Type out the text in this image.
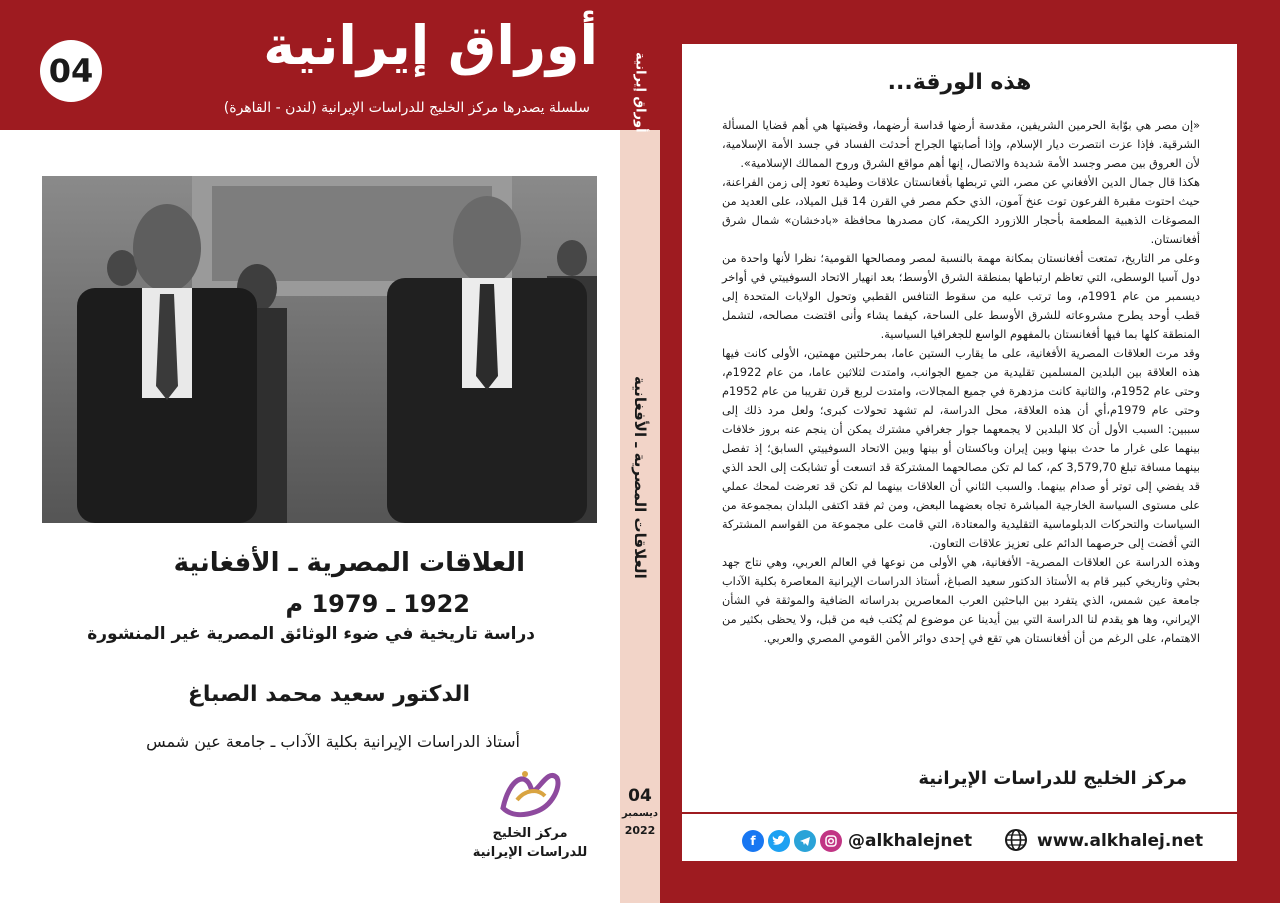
04	أوراق إيرانية
سلسلة يصدرها مركز الخليج للدراسات الإيرانية (لندن - القاهرة)
العلاقات المصرية ـ الأفغانية
1922 ـ 1979 م
دراسة تاريخية في ضوء الوثائق المصرية غير المنشورة
الدكتور سعيد محمد الصباغ
أستاذ الدراسات الإيرانية بكلية الآداب ـ جامعة عين شمس
مركز الخليج
للدراسات الإيرانية
أوراق إيرانية
العلاقات المصرية ـ الأفغانية
04
ديسمبر
2022
هذه الورقة...

«إن مصر هي بوّابة الحرمين الشريفين، مقدسة أرضها قداسة أرضهما، وقضيتها هي أهم قضايا المسألة الشرقية. فإذا عزت انتصرت ديار الإسلام، وإذا أصابتها الجراح أحدثت الفساد في جسد الأمة الإسلامية، لأن العروق بين مصر وجسد الأمة شديدة والاتصال، إنها أهم مواقع الشرق وروح الممالك الإسلامية».

هكذا قال جمال الدين الأفغاني عن مصر، التي تربطها بأفغانستان علاقات وطيدة تعود إلى زمن الفراعنة، حيث احتوت مقبرة الفرعون توت عنخ آمون، الذي حكم مصر في القرن 14 قبل الميلاد، على العديد من المصوغات الذهبية المطعمة بأحجار اللازورد الكريمة، كان مصدرها محافظة «بادخشان» شمال شرق أفغانستان.

وعلى مر التاريخ، تمتعت أفغانستان بمكانة مهمة بالنسبة لمصر ومصالحها القومية؛ نظرا لأنها واحدة من دول آسيا الوسطى، التي تعاظم ارتباطها بمنطقة الشرق الأوسط؛ بعد انهيار الاتحاد السوفييتي في أواخر ديسمبر من عام 1991م، وما ترتب عليه من سقوط التنافس القطبي وتحول الولايات المتحدة إلى قطب أوحد يطرح مشروعاته للشرق الأوسط على الساحة، كيفما يشاء وأنى اقتضت مصالحه، لتشمل المنطقة كلها بما فيها أفغانستان بالمفهوم الواسع للجغرافيا السياسية.

وقد مرت العلاقات المصرية الأفغانية، على ما يقارب الستين عاما، بمرحلتين مهمتين، الأولى كانت فيها هذه العلاقة بين البلدين المسلمين تقليدية من جميع الجوانب، وامتدت لثلاثين عاما، من عام 1922م، وحتى عام 1952م، والثانية كانت مزدهرة في جميع المجالات، وامتدت لربع قرن تقريبا من عام 1952م وحتى عام 1979م،أي أن هذه العلاقة، محل الدراسة، لم تشهد تحولات كبرى؛ ولعل مرد ذلك إلى سببين: السبب الأول أن كلا البلدين لا يجمعهما جوار جغرافي مشترك يمكن أن ينجم عنه بروز خلافات بينهما على غرار ما حدث بينها وبين إيران وباكستان أو بينها وبين الاتحاد السوفييتي السابق؛ إذ تفصل بينهما مسافة تبلغ 3,579,70 كم، كما لم تكن مصالحهما المشتركة قد اتسعت أو تشابكت إلى الحد الذي قد يفضي إلى توتر أو صدام بينهما. والسبب الثاني أن العلاقات بينهما لم تكن قد تعرضت لمحك عملي على مستوى السياسة الخارجية المباشرة تجاه بعضهما البعض، ومن ثم فقد اكتفى البلدان بمجموعة من السياسات والتحركات الدبلوماسية التقليدية والمعتادة، التي قامت على مجموعة من القواسم المشتركة التي أفضت إلى حرصهما الدائم على تعزيز علاقات التعاون.

وهذه الدراسة عن العلاقات المصرية- الأفغانية، هي الأولى من نوعها في العالم العربي، وهي نتاج جهد بحثي وتاريخي كبير قام به الأستاذ الدكتور سعيد الصباغ، أستاذ الدراسات الإيرانية المعاصرة بكلية الآداب جامعة عين شمس، الذي يتفرد بين الباحثين العرب المعاصرين بدراساته الضافية والموثقة في الشأن الإيراني، وها هو يقدم لنا الدراسة التي بين أيدينا عن موضوع لم يُكتب فيه من قبل، ولا يحظى بكثير من الاهتمام، على الرغم من أن أفغانستان هي تقع في إحدى دوائر الأمن القومي المصري والعربي.

مركز الخليج للدراسات الإيرانية
f	@alkhalejnet	www.alkhalej.net
